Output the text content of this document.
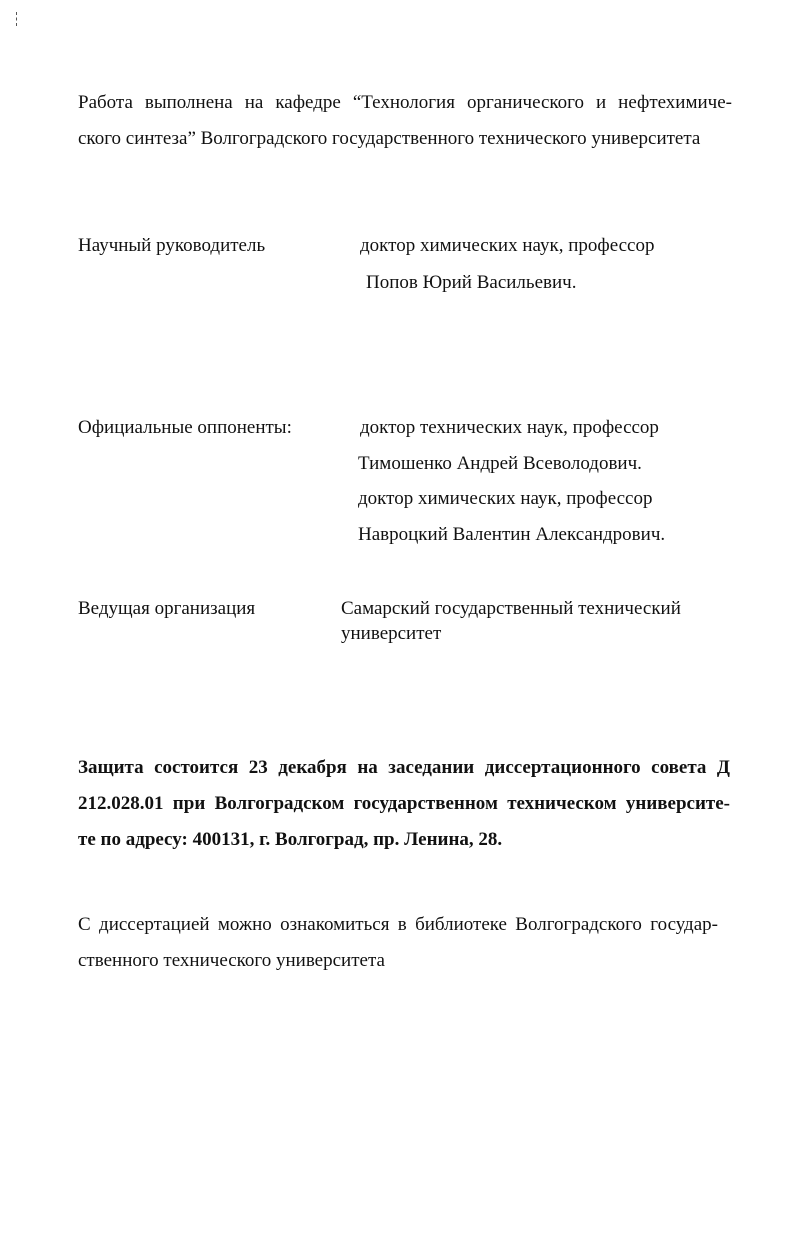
Работа выполнена на кафедре “Технология органического и нефтехимиче-
ского синтеза” Волгоградского государственного технического университета
Научный руководитель	доктор химических наук, профессор
Попов Юрий Васильевич.
Официальные оппоненты:	доктор технических наук, профессор
Тимошенко Андрей Всеволодович.
доктор химических наук, профессор
Навроцкий Валентин Александрович.
Ведущая организация	Самарский государственный технический
университет
Защита состоится 23 декабря на заседании диссертационного совета Д
212.028.01 при Волгоградском государственном техническом университе-
те по адресу: 400131, г. Волгоград, пр. Ленина, 28.
С диссертацией можно ознакомиться в библиотеке Волгоградского государ-
ственного технического университета
